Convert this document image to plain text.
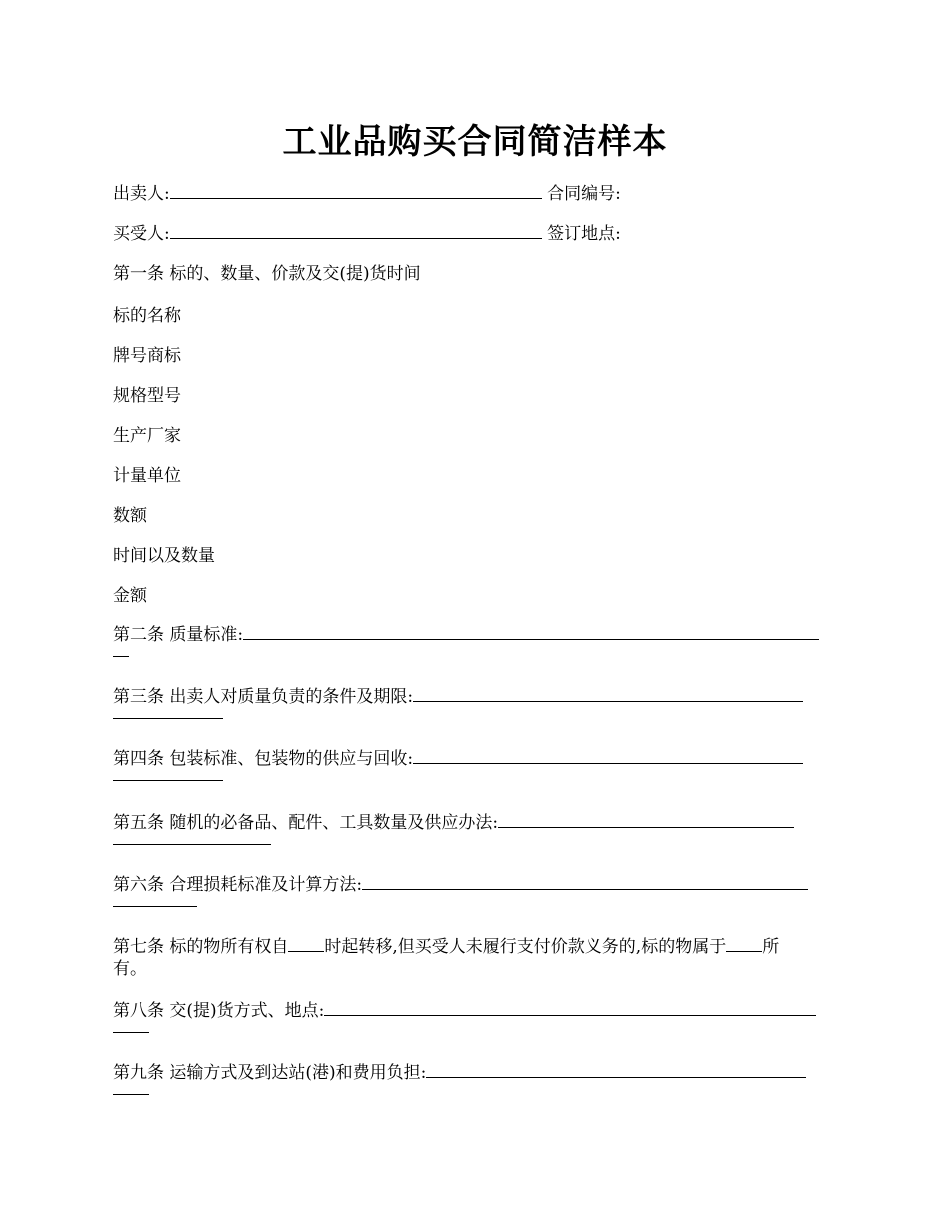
工业品购买合同简洁样本
出卖人:	合同编号:
买受人:	签订地点:
第一条 标的、数量、价款及交(提)货时间
标的名称
牌号商标
规格型号
生产厂家
计量单位
数额
时间以及数量
金额
第二条 质量标准:
第三条 出卖人对质量负责的条件及期限:
第四条 包装标准、包装物的供应与回收:
第五条 随机的必备品、配件、工具数量及供应办法:
第六条 合理损耗标准及计算方法:
第七条 标的物所有权自 时起转移,但买受人未履行支付价款义务的,标的物属于 所
有。
第八条 交(提)货方式、地点:
第九条 运输方式及到达站(港)和费用负担:
